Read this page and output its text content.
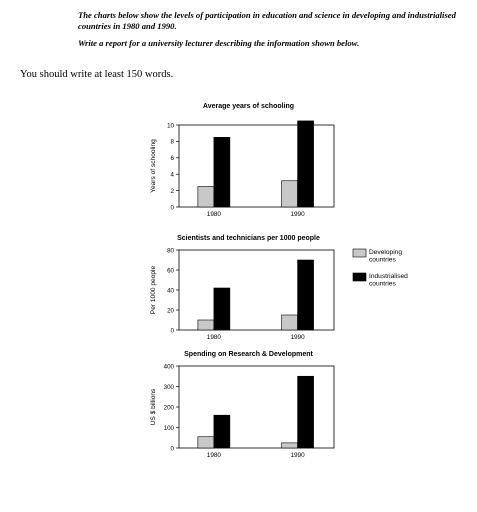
The charts below show the levels of participation in education and science in developing and industrialised countries in 1980 and 1990.

Write a report for a university lecturer describing the information shown below.

You should write at least 150 words.
Average years of schooling
0
2
4
6
8
10
Years of schooling
1980	1990
Scientists and technicians per 1000 people
0
20
40
60
80
Per 1000 people
1980	1990
Spending on Research & Development
0
100
200
300
400
US $ billions
1980	1990
Developing countries
Industrialised countries
